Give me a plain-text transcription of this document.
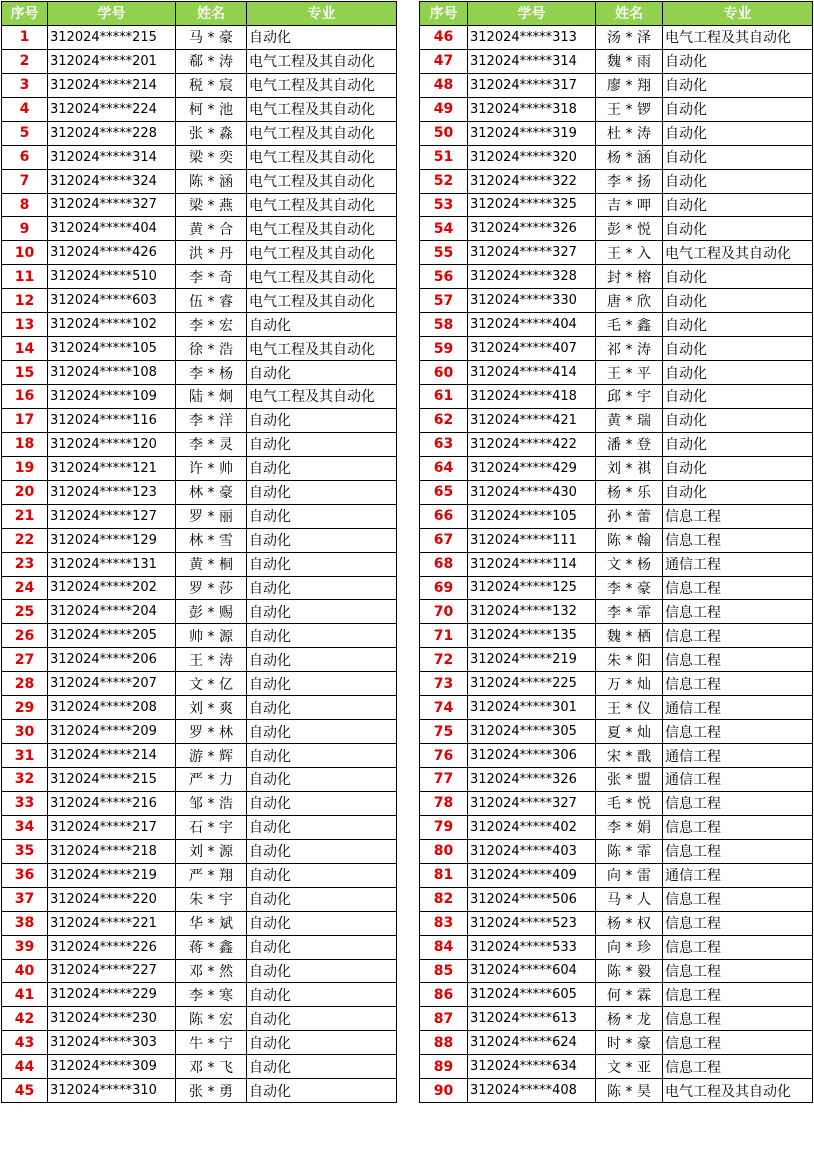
序号	学号	姓名	专业
1	312024*****215	马 * 豪	自动化
2	312024*****201	郗 * 涛	电气工程及其自动化
3	312024*****214	税 * 宸	电气工程及其自动化
4	312024*****224	柯 * 池	电气工程及其自动化
5	312024*****228	张 * 淼	电气工程及其自动化
6	312024*****314	梁 * 奕	电气工程及其自动化
7	312024*****324	陈 * 涵	电气工程及其自动化
8	312024*****327	梁 * 燕	电气工程及其自动化
9	312024*****404	黄 * 合	电气工程及其自动化
10	312024*****426	洪 * 丹	电气工程及其自动化
11	312024*****510	李 * 奇	电气工程及其自动化
12	312024*****603	伍 * 睿	电气工程及其自动化
13	312024*****102	李 * 宏	自动化
14	312024*****105	徐 * 浩	电气工程及其自动化
15	312024*****108	李 * 杨	自动化
16	312024*****109	陆 * 炯	电气工程及其自动化
17	312024*****116	李 * 洋	自动化
18	312024*****120	李 * 灵	自动化
19	312024*****121	许 * 帅	自动化
20	312024*****123	林 * 豪	自动化
21	312024*****127	罗 * 丽	自动化
22	312024*****129	林 * 雪	自动化
23	312024*****131	黄 * 桐	自动化
24	312024*****202	罗 * 莎	自动化
25	312024*****204	彭 * 赐	自动化
26	312024*****205	帅 * 源	自动化
27	312024*****206	王 * 涛	自动化
28	312024*****207	文 * 亿	自动化
29	312024*****208	刘 * 爽	自动化
30	312024*****209	罗 * 林	自动化
31	312024*****214	游 * 辉	自动化
32	312024*****215	严 * 力	自动化
33	312024*****216	邹 * 浩	自动化
34	312024*****217	石 * 宇	自动化
35	312024*****218	刘 * 源	自动化
36	312024*****219	严 * 翔	自动化
37	312024*****220	朱 * 宇	自动化
38	312024*****221	华 * 斌	自动化
39	312024*****226	蒋 * 鑫	自动化
40	312024*****227	邓 * 然	自动化
41	312024*****229	李 * 寒	自动化
42	312024*****230	陈 * 宏	自动化
43	312024*****303	牛 * 宁	自动化
44	312024*****309	邓 * 飞	自动化
45	312024*****310	张 * 勇	自动化
序号	学号	姓名	专业
46	312024*****313	汤 * 泽	电气工程及其自动化
47	312024*****314	魏 * 雨	自动化
48	312024*****317	廖 * 翔	自动化
49	312024*****318	王 * 锣	自动化
50	312024*****319	杜 * 涛	自动化
51	312024*****320	杨 * 涵	自动化
52	312024*****322	李 * 扬	自动化
53	312024*****325	吉 * 呷	自动化
54	312024*****326	彭 * 悦	自动化
55	312024*****327	王 * 入	电气工程及其自动化
56	312024*****328	封 * 榕	自动化
57	312024*****330	唐 * 欣	自动化
58	312024*****404	毛 * 鑫	自动化
59	312024*****407	祁 * 涛	自动化
60	312024*****414	王 * 平	自动化
61	312024*****418	邱 * 宇	自动化
62	312024*****421	黄 * 瑞	自动化
63	312024*****422	潘 * 登	自动化
64	312024*****429	刘 * 祺	自动化
65	312024*****430	杨 * 乐	自动化
66	312024*****105	孙 * 蕾	信息工程
67	312024*****111	陈 * 翰	信息工程
68	312024*****114	文 * 杨	通信工程
69	312024*****125	李 * 豪	信息工程
70	312024*****132	李 * 霏	信息工程
71	312024*****135	魏 * 栖	信息工程
72	312024*****219	朱 * 阳	信息工程
73	312024*****225	万 * 灿	信息工程
74	312024*****301	王 * 仪	通信工程
75	312024*****305	夏 * 灿	信息工程
76	312024*****306	宋 * 戬	通信工程
77	312024*****326	张 * 盟	通信工程
78	312024*****327	毛 * 悦	信息工程
79	312024*****402	李 * 娟	信息工程
80	312024*****403	陈 * 霏	信息工程
81	312024*****409	向 * 雷	通信工程
82	312024*****506	马 * 人	信息工程
83	312024*****523	杨 * 权	信息工程
84	312024*****533	向 * 珍	信息工程
85	312024*****604	陈 * 毅	信息工程
86	312024*****605	何 * 霖	信息工程
87	312024*****613	杨 * 龙	信息工程
88	312024*****624	时 * 豪	信息工程
89	312024*****634	文 * 亚	信息工程
90	312024*****408	陈 * 昊	电气工程及其自动化
